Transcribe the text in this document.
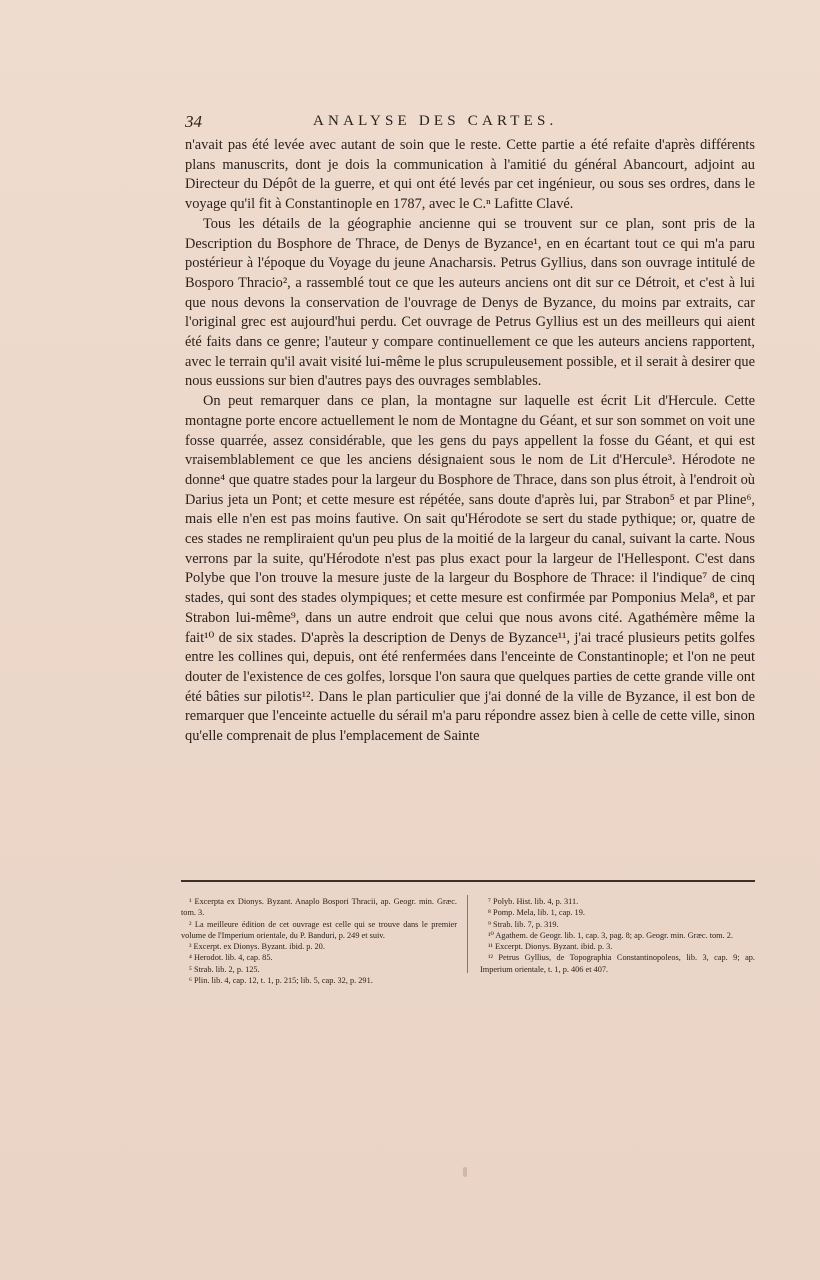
34	ANALYSE DES CARTES.

n'avait pas été levée avec autant de soin que le reste. Cette partie a été refaite d'après différents plans manuscrits, dont je dois la communication à l'amitié du général Abancourt, adjoint au Directeur du Dépôt de la guerre, et qui ont été levés par cet ingénieur, ou sous ses ordres, dans le voyage qu'il fit à Constantinople en 1787, avec le C.ⁿ Lafitte Clavé.

Tous les détails de la géographie ancienne qui se trouvent sur ce plan, sont pris de la Description du Bosphore de Thrace, de Denys de Byzance¹, en en écartant tout ce qui m'a paru postérieur à l'époque du Voyage du jeune Anacharsis. Petrus Gyllius, dans son ouvrage intitulé de Bosporo Thracio², a rassemblé tout ce que les auteurs anciens ont dit sur ce Détroit, et c'est à lui que nous devons la conservation de l'ouvrage de Denys de Byzance, du moins par extraits, car l'original grec est aujourd'hui perdu. Cet ouvrage de Petrus Gyllius est un des meilleurs qui aient été faits dans ce genre; l'auteur y compare continuellement ce que les auteurs anciens rapportent, avec le terrain qu'il avait visité lui-même le plus scrupuleusement possible, et il serait à desirer que nous eussions sur bien d'autres pays des ouvrages semblables.

On peut remarquer dans ce plan, la montagne sur laquelle est écrit Lit d'Hercule. Cette montagne porte encore actuellement le nom de Montagne du Géant, et sur son sommet on voit une fosse quarrée, assez considérable, que les gens du pays appellent la fosse du Géant, et qui est vraisemblablement ce que les anciens désignaient sous le nom de Lit d'Hercule³. Hérodote ne donne⁴ que quatre stades pour la largeur du Bosphore de Thrace, dans son plus étroit, à l'endroit où Darius jeta un Pont; et cette mesure est répétée, sans doute d'après lui, par Strabon⁵ et par Pline⁶, mais elle n'en est pas moins fautive. On sait qu'Hérodote se sert du stade pythique; or, quatre de ces stades ne rempliraient qu'un peu plus de la moitié de la largeur du canal, suivant la carte. Nous verrons par la suite, qu'Hérodote n'est pas plus exact pour la largeur de l'Hellespont. C'est dans Polybe que l'on trouve la mesure juste de la largeur du Bosphore de Thrace: il l'indique⁷ de cinq stades, qui sont des stades olympiques; et cette mesure est confirmée par Pomponius Mela⁸, et par Strabon lui-même⁹, dans un autre endroit que celui que nous avons cité. Agathémère même la fait¹⁰ de six stades. D'après la description de Denys de Byzance¹¹, j'ai tracé plusieurs petits golfes entre les collines qui, depuis, ont été renfermées dans l'enceinte de Constantinople; et l'on ne peut douter de l'existence de ces golfes, lorsque l'on saura que quelques parties de cette grande ville ont été bâties sur pilotis¹². Dans le plan particulier que j'ai donné de la ville de Byzance, il est bon de remarquer que l'enceinte actuelle du sérail m'a paru répondre assez bien à celle de cette ville, sinon qu'elle comprenait de plus l'emplacement de Sainte

¹ Excerpta ex Dionys. Byzant. Anaplo Bospori Thracii, ap. Geogr. min. Græc. tom. 3.

² La meilleure édition de cet ouvrage est celle qui se trouve dans le premier volume de l'Imperium orientale, du P. Banduri, p. 249 et suiv.

³ Excerpt. ex Dionys. Byzant. ibid. p. 20.

⁴ Herodot. lib. 4, cap. 85.

⁵ Strab. lib. 2, p. 125.

⁶ Plin. lib. 4, cap. 12, t. 1, p. 215; lib. 5, cap. 32, p. 291.

⁷ Polyb. Hist. lib. 4, p. 311.

⁸ Pomp. Mela, lib. 1, cap. 19.

⁹ Strab. lib. 7, p. 319.

¹⁰ Agathem. de Geogr. lib. 1, cap. 3, pag. 8; ap. Geogr. min. Græc. tom. 2.

¹¹ Excerpt. Dionys. Byzant. ibid. p. 3.

¹² Petrus Gyllius, de Topographia Constantinopoleos, lib. 3, cap. 9; ap. Imperium orientale, t. 1, p. 406 et 407.
